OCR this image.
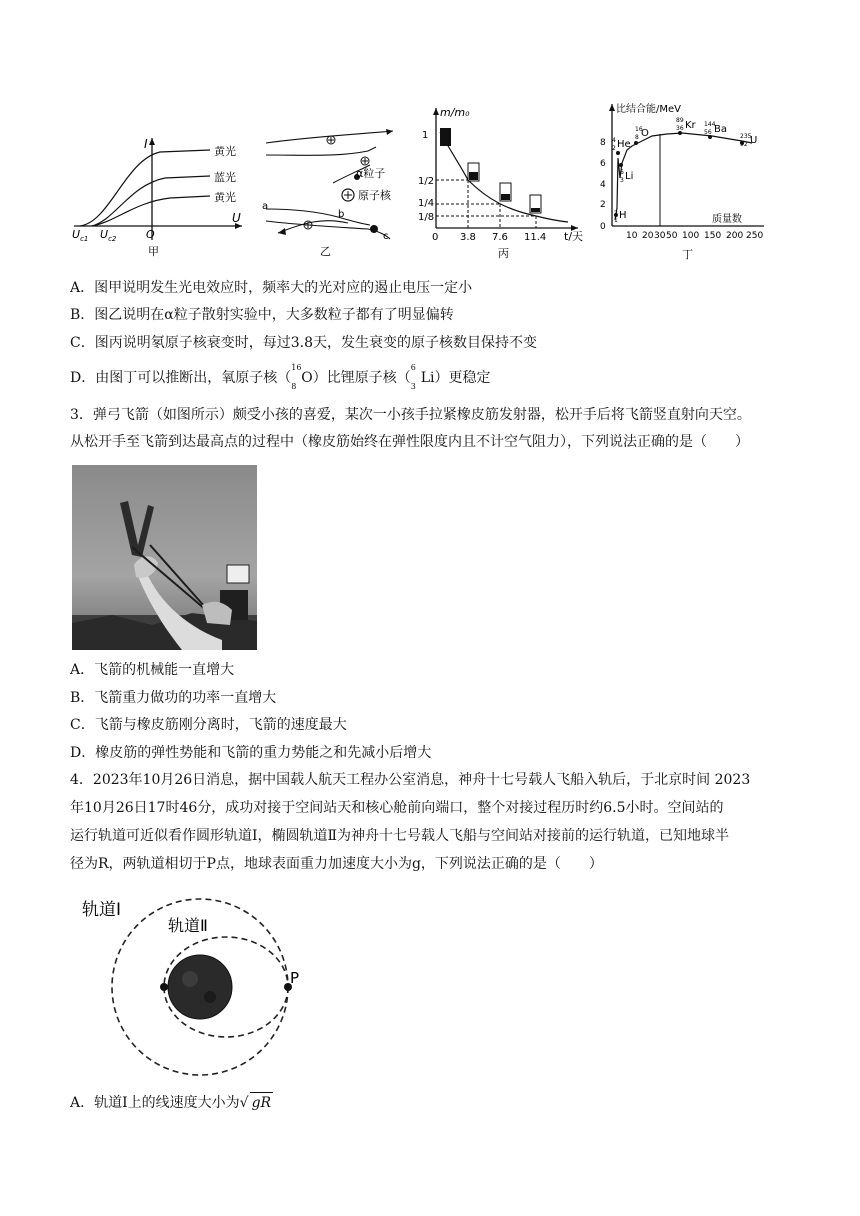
I
U
O
黄光
蓝光
黄光
$U_{c1}$ $U_{c2}$
甲
α粒子
原子核
a
b
c
乙
m/m₀
t/天
1
1/2
1/4
1/8
0 3.8 7.6 11.4
丙
比结合能/MeV
质量数
0
2
4
6
8
2
1 H
6
3 Li
4
2 He
16
8 O
89
36 Kr 144
56 Ba
235
92 U
10 20 30 50 100 150 200 250
丁
A．图甲说明发生光电效应时，频率大的光对应的遏止电压一定小
B．图乙说明在α粒子散射实验中，大多数粒子都有了明显偏转
C．图丙说明氡原子核衰变时，每过3.8天，发生衰变的原子核数目保持不变
D．由图丁可以推断出，氧原子核（
16
8
O）比锂原子核（
6
3
Li）更稳定
3．弹弓飞箭（如图所示）颇受小孩的喜爱，某次一小孩手拉紧橡皮筋发射器，松开手后将飞箭竖直射向天空。
从松开手至飞箭到达最高点的过程中（橡皮筋始终在弹性限度内且不计空气阻力），下列说法正确的是（　　）
A．飞箭的机械能一直增大
B．飞箭重力做功的功率一直增大
C．飞箭与橡皮筋刚分离时，飞箭的速度最大
D．橡皮筋的弹性势能和飞箭的重力势能之和先减小后增大
4．2023年10月26日消息，据中国载人航天工程办公室消息，神舟十七号载人飞船入轨后，于北京时间 2023
年10月26日17时46分，成功对接于空间站天和核心舱前向端口，整个对接过程历时约6.5小时。空间站的
运行轨道可近似看作圆形轨道Ⅰ，椭圆轨道Ⅱ为神舟十七号载人飞船与空间站对接前的运行轨道，已知地球半
径为R，两轨道相切于P点，地球表面重力加速度大小为g，下列说法正确的是（　　）
轨道Ⅰ
轨道Ⅱ
P
A．轨道Ⅰ上的线速度大小为√ gR
